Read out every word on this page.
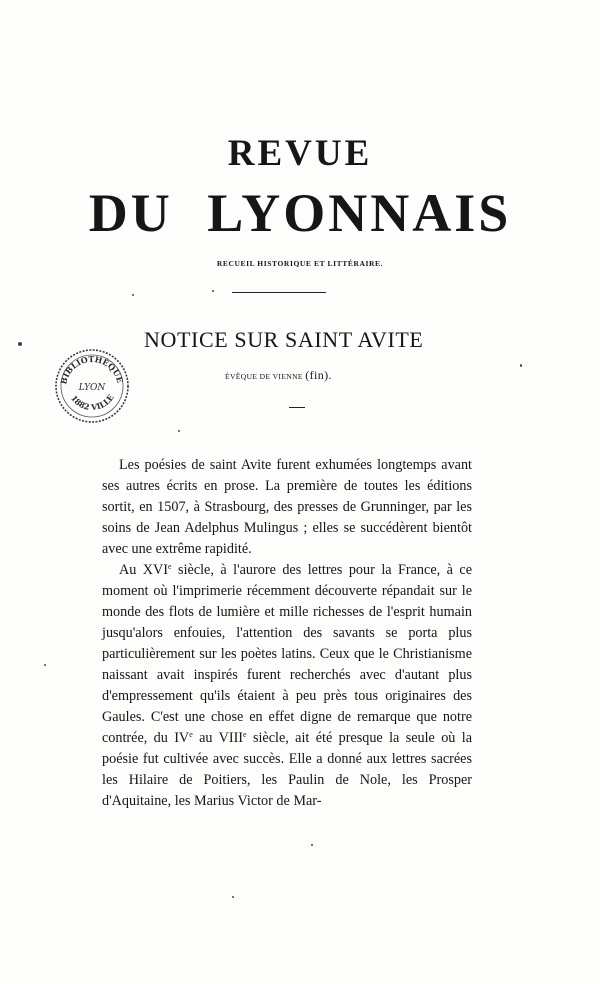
REVUE
DU LYONNAIS
RECUEIL HISTORIQUE ET LITTÉRAIRE.
NOTICE SUR SAINT AVITE
ÉVÊQUE DE VIENNE (fin).
BIBLIOTHÈQUE
1882 VILLE
LYON

Les poésies de saint Avite furent exhumées longtemps avant ses autres écrits en prose. La première de toutes les éditions sortit, en 1507, à Strasbourg, des presses de Grunninger, par les soins de Jean Adelphus Mulingus ; elles se succédèrent bientôt avec une extrême rapidité.

Au XVIe siècle, à l'aurore des lettres pour la France, à ce moment où l'imprimerie récemment découverte répandait sur le monde des flots de lumière et mille richesses de l'esprit humain jusqu'alors enfouies, l'attention des savants se porta plus particulièrement sur les poètes latins. Ceux que le Christianisme naissant avait inspirés furent recherchés avec d'autant plus d'empressement qu'ils étaient à peu près tous originaires des Gaules. C'est une chose en effet digne de remarque que notre contrée, du IVe au VIIIe siècle, ait été presque la seule où la poésie fut cultivée avec succès. Elle a donné aux lettres sacrées les Hilaire de Poitiers, les Paulin de Nole, les Prosper d'Aquitaine, les Marius Victor de Mar-
